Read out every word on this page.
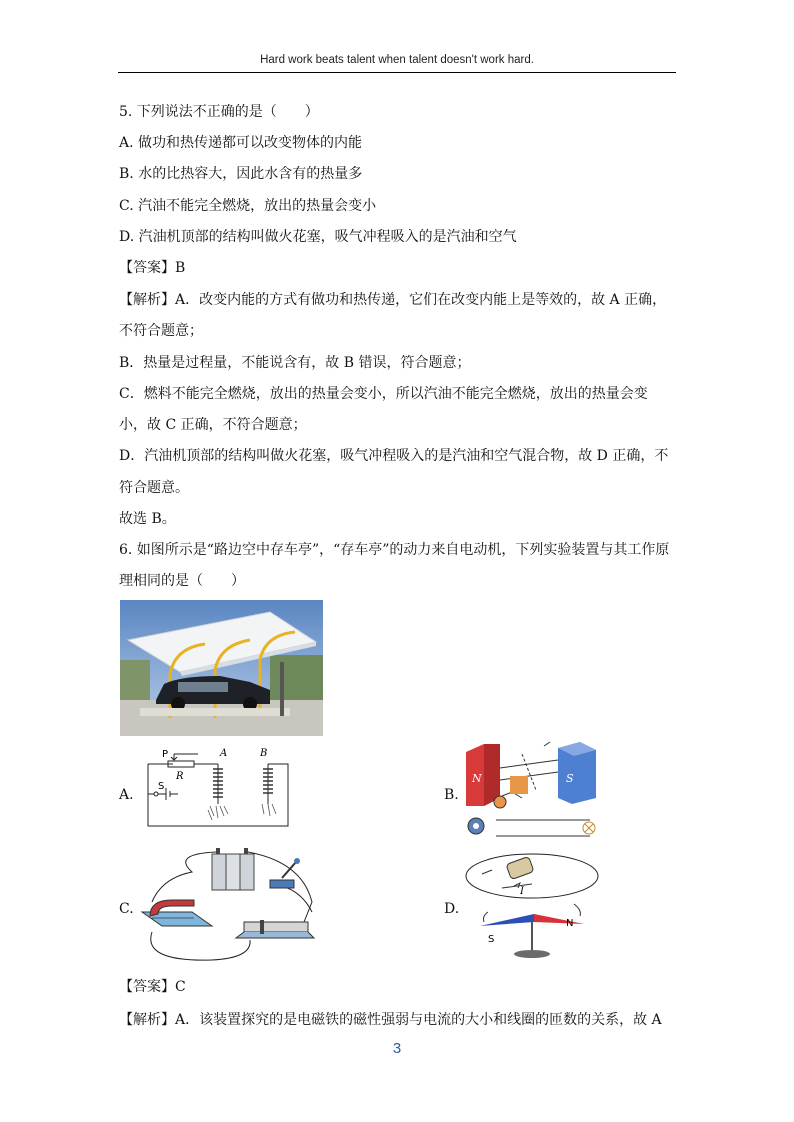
Hard work beats talent when talent doesn't work hard.
5. 下列说法不正确的是（　　）
A. 做功和热传递都可以改变物体的内能
B. 水的比热容大，因此水含有的热量多
C. 汽油不能完全燃烧，放出的热量会变小
D. 汽油机顶部的结构叫做火花塞，吸气冲程吸入的是汽油和空气
【答案】B
【解析】A．改变内能的方式有做功和热传递，它们在改变内能上是等效的，故 A 正确，
不符合题意；
B．热量是过程量，不能说含有，故 B 错误，符合题意；
C．燃料不能完全燃烧，放出的热量会变小，所以汽油不能完全燃烧，放出的热量会变
小，故 C 正确，不符合题意；
D．汽油机顶部的结构叫做火花塞，吸气冲程吸入的是汽油和空气混合物，故 D 正确，不
符合题意。
故选 B。
6. 如图所示是“路边空中存车亭”，“存车亭”的动力来自电动机，下列实验装置与其工作原
理相同的是（　　）
A.
P
R
S
A	B
B.
N	S
C.	D.
I
S
N
【答案】C
【解析】A．该装置探究的是电磁铁的磁性强弱与电流的大小和线圈的匝数的关系，故 A
3
